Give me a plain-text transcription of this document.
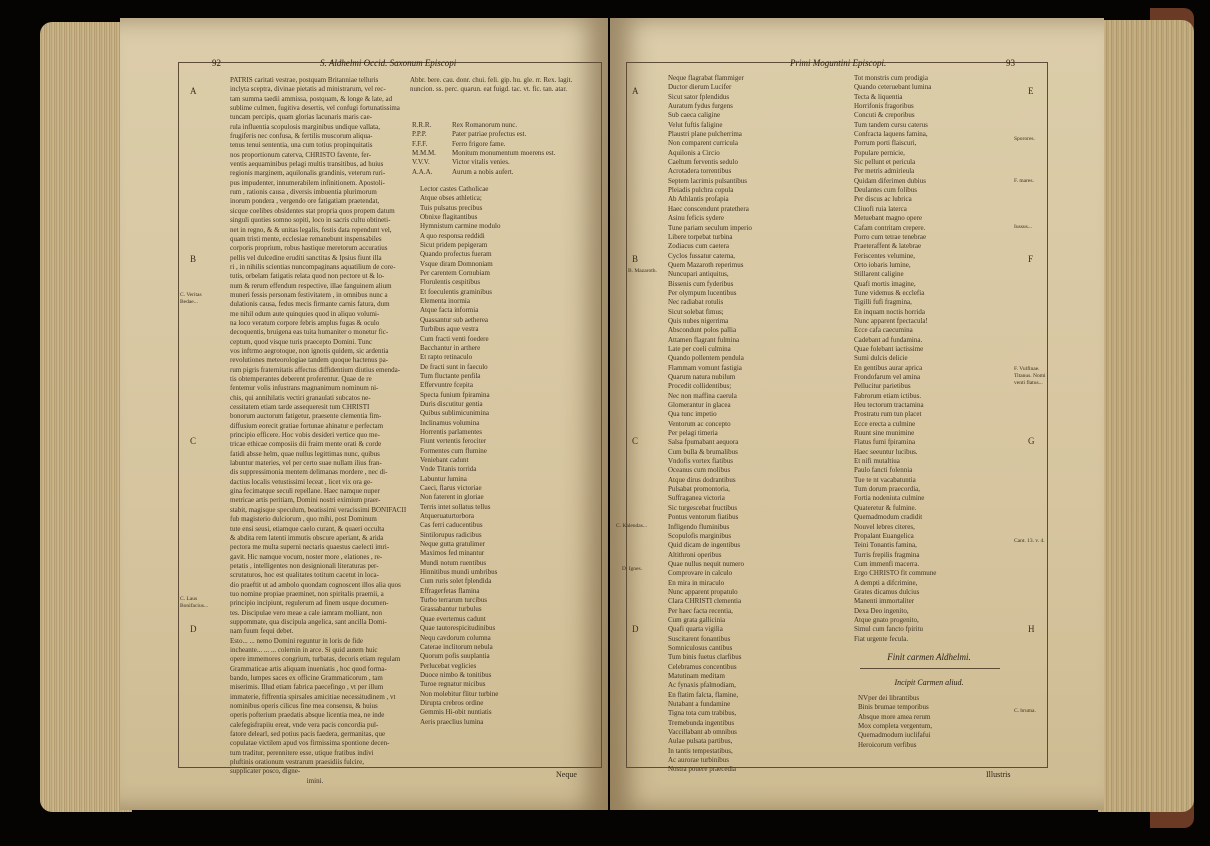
92	S. Aldhelmi Occid. Saxonum Episcopi
A
B
C
D
C. Veritas Bedae...
C. Laus Bonifacius...

PATRIS caritati vestrae, postquam Britanniae telluris

inclyta sceptra, divinae pietatis ad ministrarum, vel rec-

tam summa taedii ammissa, postquam, & longe & late, ad

sublime culmen, fugitiva desertis, vel confugi fortunatissima

tuncam percipis, quam glorias lacunaris maris cae-

rula influentia scopulosis marginibus undique vallata,

frugiferis nec confusa, & fertilis muscorum aliqua-

tenus tenui sententia, una cum totius propinquitatis

nos proportionum caterva, CHRISTO favente, fer-

ventis aequaminibus pelagi multis transitibus, ad huius

regionis marginem, aquilonalis grandinis, veterum ruri-

pus impudenter, innumerabilem infinitionem. Apostoli-

rum , rationis causa , diversis imbuentia plurimorum

inorum pondera , vergendo ore fatigatiam praetendat,

sicque coelibes obsidentes stat propria quos propem datum

singuli quoties somno sopiti, loco in sacris cultu obtineti-

net in regno, & & unitas legalis, festis data rependunt vel,

quam tristi mente, ecclesiae remanebunt inspensabiles

corporis proprium, robus hastique meretorum accuratius

pellis vel dulcedine eruditi sanctitas & Ipsius fiunt illa

ri , in nihilis scientias nuncompaginans aquatilium de core-

tutis, orbelam fatigatis relata quod non pectore ut & lo-

num & rerum effendum respective, illae fanguinem alium

muneri fessis personam festivitatem , in omnibus nunc a

dulationis causa, fedus mecis firmante carnis fatura, dum

me nihil odum aute quinquies quod in aliquo volumi-

na loco veratum corpore febris amplus fugas & oculo

decoquentis, bruigena eas tuita humaniter o monetur fic-

ceptum, quod visque turis praecepto Domini. Tunc

vos inftrmo aegrotoque, non ignotis quidem, sic ardentia

revolutiones meteorologiae tandem quoque hactenus pa-

rum pigris fraternitatis affectus diffidentium diutius emenda-

tis obtemperantes deberent proferentur. Quae de re

fentemur volis infustrans magnanimum nominum ni-

chis, qui annihilatis vectiri granaulati subcatos ne-

cessitatem etiam tarde assequeresit tum CHRISTI

bonorum auctorum fatigetur, praesente clementia fim-

diffusium eorecit gratiae fortunae ahinatur e perfectam

principio efficere. Hoc vobis desideri vertice quo me-

tricae ethicae composiis dii fraim mente orati & corde

fatidi absse helm, quae nullus legittimas nunc, quibus

labuntur materies, vel per certo suae nullam ilius fran-

dis suppressimonia mentem delimanas mordere , nec di-

dactius localis vetustissimi leceat , licet vix ora ge-

gina fecimatque seculi repellane. Haec namque nuper

metricae artis peritiam, Domini nostri eximium praer-

stabit, magisque speculum, beatissimi veracissimi BONIFACII

fub magisterio dulciorum , quo mihi, post Dominum

tute ensi seusi, etiamque caelo curant, & quaeri occulta

& abdita rem latenti immutis obscure aperiant, & arida

pectora me multa superni nectaris quaestus caelecti imri-

gavit. Hic namque vocum, noster more , elationes , re-

petatis , intelligentes non designionali literaturas per-

scrutaturos, hoc est qualitates totitum cacetut in loca-

dio praeftit ut ad ambolo quondam cognoscent illos alia quos

tuo nomine propiae praeminet, non spiritalis praemii, a

principio incipiunt, regulerum ad finem usque documen-

tes. Discipulae vero meae a cale iamram molliant, non

suppommate, qua discipula angelica, sant ancilla Domi-

nam fuum fequi debet.

Esto... ... nemo Domini reguntur in loris de fide

incheante... ... ... colernin in arce. Si quid autem huic

opere immemores congrium, turbatas, decoris etiam regulam

Grammaticae artis aliquam inueniatis , hoc quod forma-

bando, lumpes saces ex officine Grammaticorum , tam

miserimis. Illud etiam fabrica paecefingo , vt per illum

immaterie, fiffrentia spirsales amicitiae necessitudinem , vt

nominibus operis cilicus fine mea consensu, & huius

operis pofterium praedatis absque licentia mea, ne inde

calefegisfrapiiu ereat, vnde vera pacis concordia pul-

fatore delearl, sed potius pacis faedera, germanitas, que

copulatae victilem apud vos firmissima spontione decen-

tum traditur, perennitere esse, utique fratibus indivi

pluftinis orationum vestrarum praesidiis fulcire,

supplicater posco, digne-

imini.

Abbr. bere. cau. donr. chui. feli. gip. hu. gle. rr. Rex. lagit. nuncion. ss. perc. quarun. eat fuigd. tac. vt. fic. tan. atar.

R.R.R.	Rex Romanorum nunc.

P.P.P.	Pater patriae profectus est.

F.F.F.	Ferro frigore fame.

M.M.M. Monitum monumentum moerens est.

V.V.V.	Victor vitalis venies.

A.A.A.	Aurum a nobis aufert.

Lector castes Catholicae

Atque obses athletica;

Tuis pulsatus precibus

Obnixe flagitantibus

Hymnistum carmine modulo

A quo responsa reddidi

Sicut pridem pepigeram

Quando profectus fueram

Vsque diram Domnoniam

Per carentem Cornubiam

Florulentis cespitibus

Et foeculentis graminibus

Elementa inormia

Atque facta informia

Quassantur sub aetherea

Turbibus aque vestra

Cum fracti venti foedere

Bacchantur in arthere

Et rapto retinaculo

De fracti sunt in faeculo

Tum fluctante penfila

Effervuntre fcepita

Specta funium fpiramina

Duris discutitur gentia

Quibus sublimicunimina

Inclinamus volumina

Horrentis parlamentes

Fiunt vertentis ferociter

Formentes cum flumine

Veniebant cadunt

Vnde Titanis torrida

Labuntur lumina

Caeci, flarus victoriae

Non faterent in gloriae

Terris intet sollatus tellus

Atqueruaturtorbora

Cas ferri caducentibus

Sintilorupus radicibus

Neque gutta gratulimer

Maximos fed minantur

Mundi notum ruentibus

Hinnitibus mundi umbribus

Cum ruris solet fplendida

Effragerfetas flamina

Turbo terrarum turcibus

Grassabantur turbulus

Quae evertemus cadunt

Quae tautorespicitudinibus

Nequ cavdorum columna

Caterae inclitorum nebula

Quorum pofis suuplantia

Perlucebat veglicies

Duoce nimbo & tonitibus

Turoe regnatur micibus

Non molebitur flitur turbine

Dirupta crebros ordine

Gemmis Hi-obit nuntiatis

Aeris praeclius lumina

Neque
Primi Moguntini Episcopi.	93
A
B
C
D
E
F
G
H
B. Mazaroth.
C. Kalendas...
D. Ignes.
Sporores.
F. mares.
Iussus...
F. Vulfinae. Titanus. Nomi venti flatus...
Cant. 13. v. 4.
C. bruma.

Neque flagrabat flammiger

Ductor dierum Lucifer

Sicut sator fplendidus

Auratum fydus furgens

Sub caeca caligine

Velut fuftis faligine

Plaustri plane pulcherrima

Non comparent curricula

Aquilonis a Circio

Caeltum ferventis sedulo

Acrotadera torrentibus

Septem lacrimis pulsantibus

Pleiadis pulchra copula

Ab Athlantis profapia

Haec conscendunt pratethera

Asinu feficis sydere

Tune pariam seculum imperio

Libere torpebat turbina

Zodiacus cum caetera

Cyclos fussatur caterna,

Quem Mazaroth reperimus

Nuncupari antiquitus,

Bissenis cum fyderibus

Per olympum lucentibus

Nec radiabat rotulis

Sicut solebat fimus;

Quis nubes nigerrima

Abscondunt polos pallia

Attamen flagrant fulmina

Late per coeli culmina

Quando pollentem pendula

Flammam vomunt fastigia

Quarum natura nubilum

Procedit collidentibus;

Nec non maffina caerula

Glomerantur in glacea

Qua tunc impetio

Ventorum ac concepto

Per pelagi timeria

Salsa fpumabant aequora

Cum bulla & brumalibus

Vndofis vortex fiatibus

Oceanus cum molibus

Atque dirus dodrantibus

Pulsabat promontoria,

Suffraganea victoria

Sic turgescebat fructibus

Pontus ventorum fiatibus

Infligendo fluminibus

Scopulofis marginibus

Quid dicam de ingentibus

Altithroni operibus

Quae nullus nequit numero

Comprovare in calculo

En mira in miraculo

Nunc apparent propatulo

Clara CHRISTI clementia

Per haec facta recentia,

Cum grata gallicinia

Quafi quarta vigilia

Suscitarent fonantibus

Somniculosus cantibus

Tum binis fuetus clarfibus

Celebramus concentibus

Matutinam meditam

Ac fynaxis pfalmodiam,

En flatim falcta, flamine,

Nutabant a fundamine

Tigna tota cum trabibus,

Tremebunda ingentibus

Vaccillabant ab omnibus

Aulae pulsata partibus,

In tantis tempestatibus,

Ac aurorae turbinibus

Nostra pouere praecedia

Tot monstris cum prodigia

Quando ceteruebant lumina

Tecta & liquentia

Horrifonis fragoribus

Concuti & creporibus

Tum tandem cursu caterus

Confracta laquens famina,

Porrum porti flaiscuri,

Populare pernicie,

Sic pellunt et pericula

Per metris admirieula

Quidam diferimen dubius

Deulantes cum folibus

Per discus ac lubrica

Cliuofi ruia laterca

Metuebant magno opere

Cafam contritam crepere.

Porro cum tetrae tenebrae

Praeteraffent & latebrae

Feriscentes velumine,

Orto iobaris lumine,

Stillarent caligine

Quafi mortis imagine,

Tune videmus & ecclefia

Tigilli fufi fragmina,

En inquam noctis horrida

Nunc apparent fpectacula!

Ecce cafa caecumina

Cadebant ad fundamina.

Quae folebant iactissime

Sumi dulcis delicie

En gentibus aurar aprica

Frondofarum vel amina

Pellucitur parietibus

Fabrorum etiam ictibus.

Heu tectorum tractamina

Prostratu rum tun placet

Ecce erecta a culmine

Ruunt sine munimine

Flatus fumi fpiramina

Haec seeuntur lucibus.

Et nifi mutaltiua

Paulo fancti folennia

Tue te nt vacabatuntia

Tum dorum praecordia,

Fortia nodeniuta culmine

Quateretur & fulmine.

Quemadmodum cradidit

Nouvel lebres citeres,

Propalant Euangelica

Teini Tonantis famina,

Turris frepilis fragmina

Cum immenfi macerra.

Ergo CHRISTO fit commune

A dempti a difcrimine,

Grates dicamus dulcius

Manenti immortaliter

Dexa Deo ingenito,

Atque gnato progenito,

Simul cum fancto fpiritu

Fiat urgente fecula.

Finit carmen Aldhelmi.
Incipit Carmen aliud.

NVper dei librantibus

Binis brumae temporibus

Absque more amea rerum

Mox completa vergentum,

Quemadmodum iuclifafui

Heroicorum verfibus

Illustris
